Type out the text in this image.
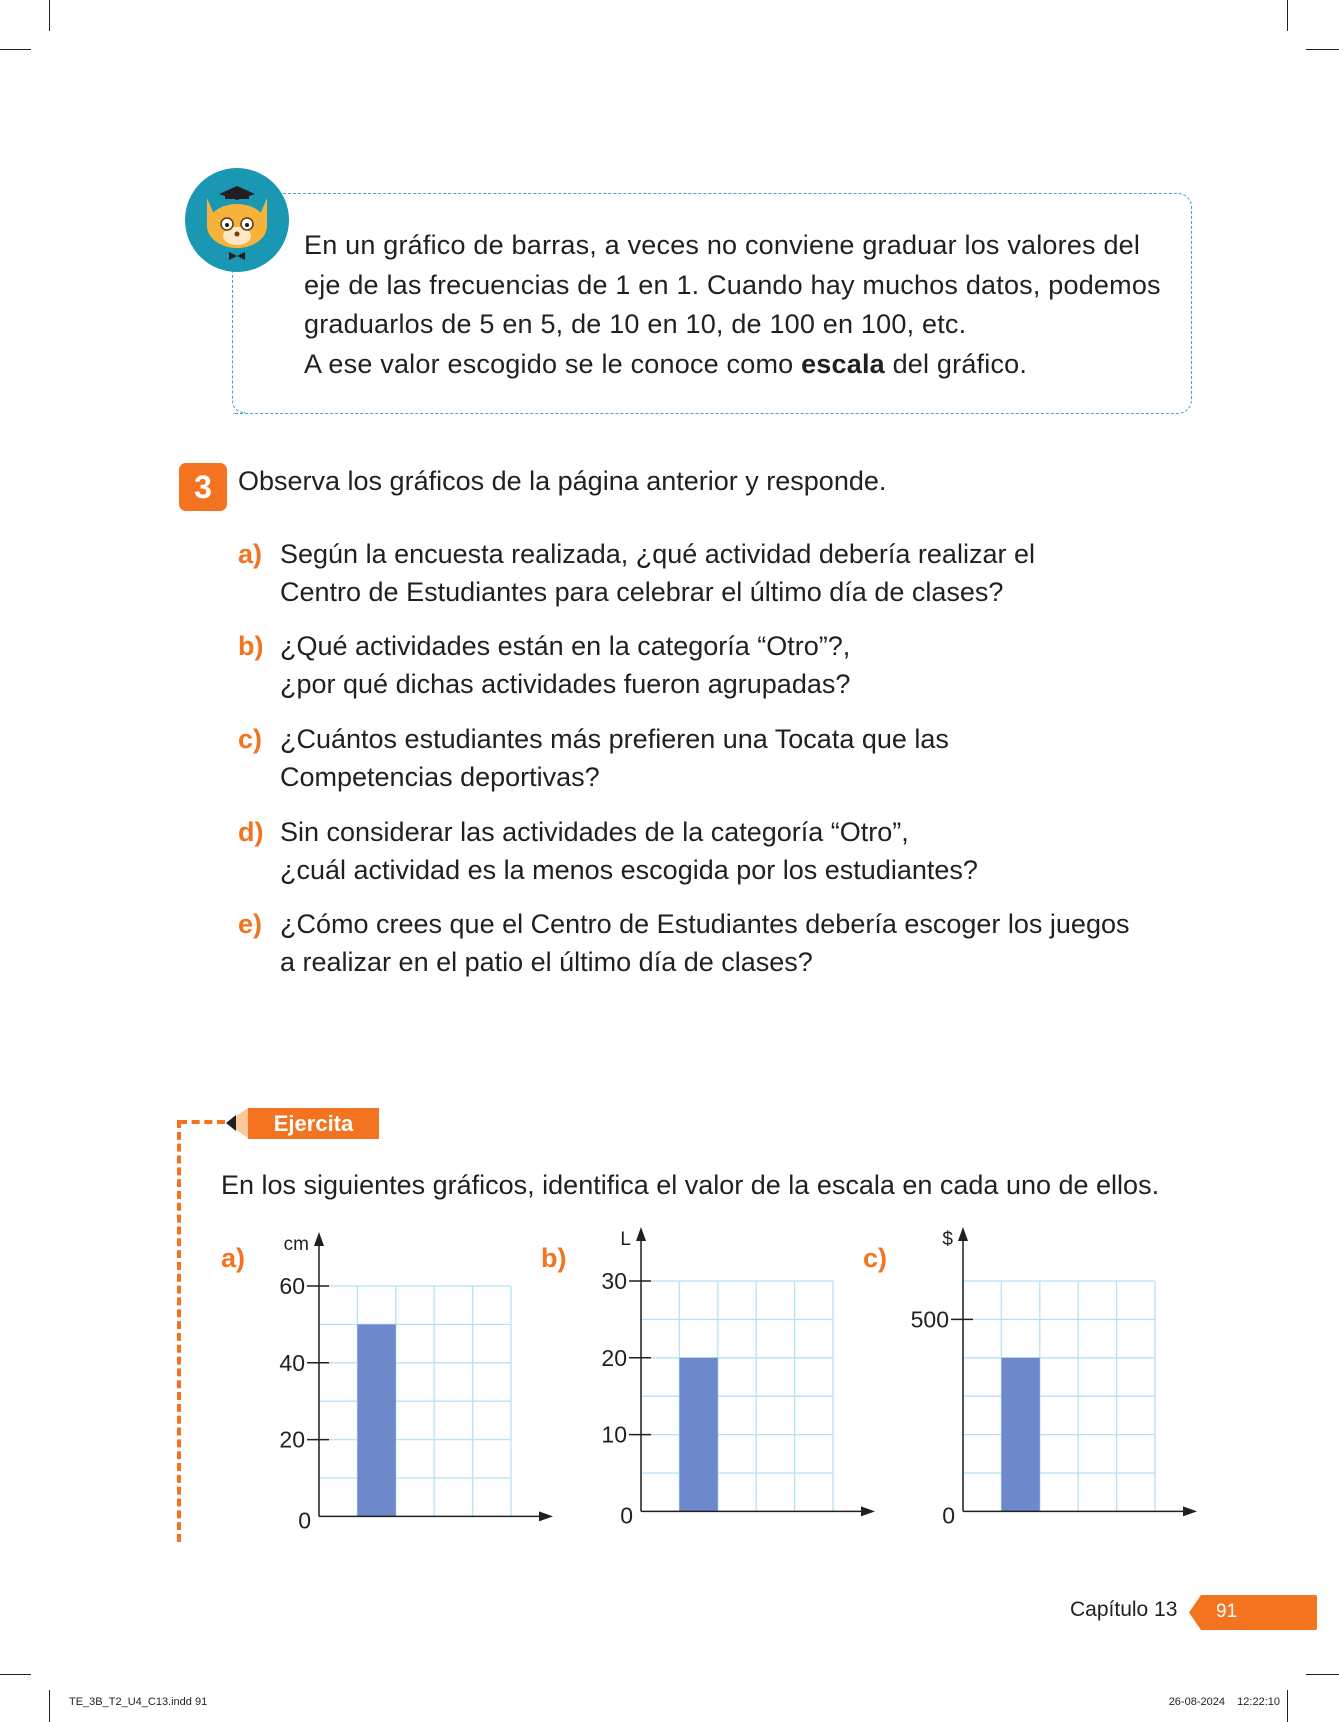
En un gráfico de barras, a veces no conviene graduar los valores del
eje de las frecuencias de 1 en 1. Cuando hay muchos datos, podemos
graduarlos de 5 en 5, de 10 en 10, de 100 en 100, etc.
A ese valor escogido se le conoce como escala del gráfico.
3 Observa los gráficos de la página anterior y responde.
a) Según la encuesta realizada, ¿qué actividad debería realizar el
Centro de Estudiantes para celebrar el último día de clases?
b) ¿Qué actividades están en la categoría “Otro”?,
¿por qué dichas actividades fueron agrupadas?
c) ¿Cuántos estudiantes más prefieren una Tocata que las
Competencias deportivas?
d) Sin considerar las actividades de la categoría “Otro”,
¿cuál actividad es la menos escogida por los estudiantes?
e) ¿Cómo crees que el Centro de Estudiantes debería escoger los juegos
a realizar en el patio el último día de clases?
Ejercita
En los siguientes gráficos, identifica el valor de la escala en cada uno de ellos.
a)	b)	c)
cm
0
20
40
60
L
0
10
20
30
$
0
500
Capítulo 13 91
TE_3B_T2_U4_C13.indd 91	26-08-2024    12:22:10
